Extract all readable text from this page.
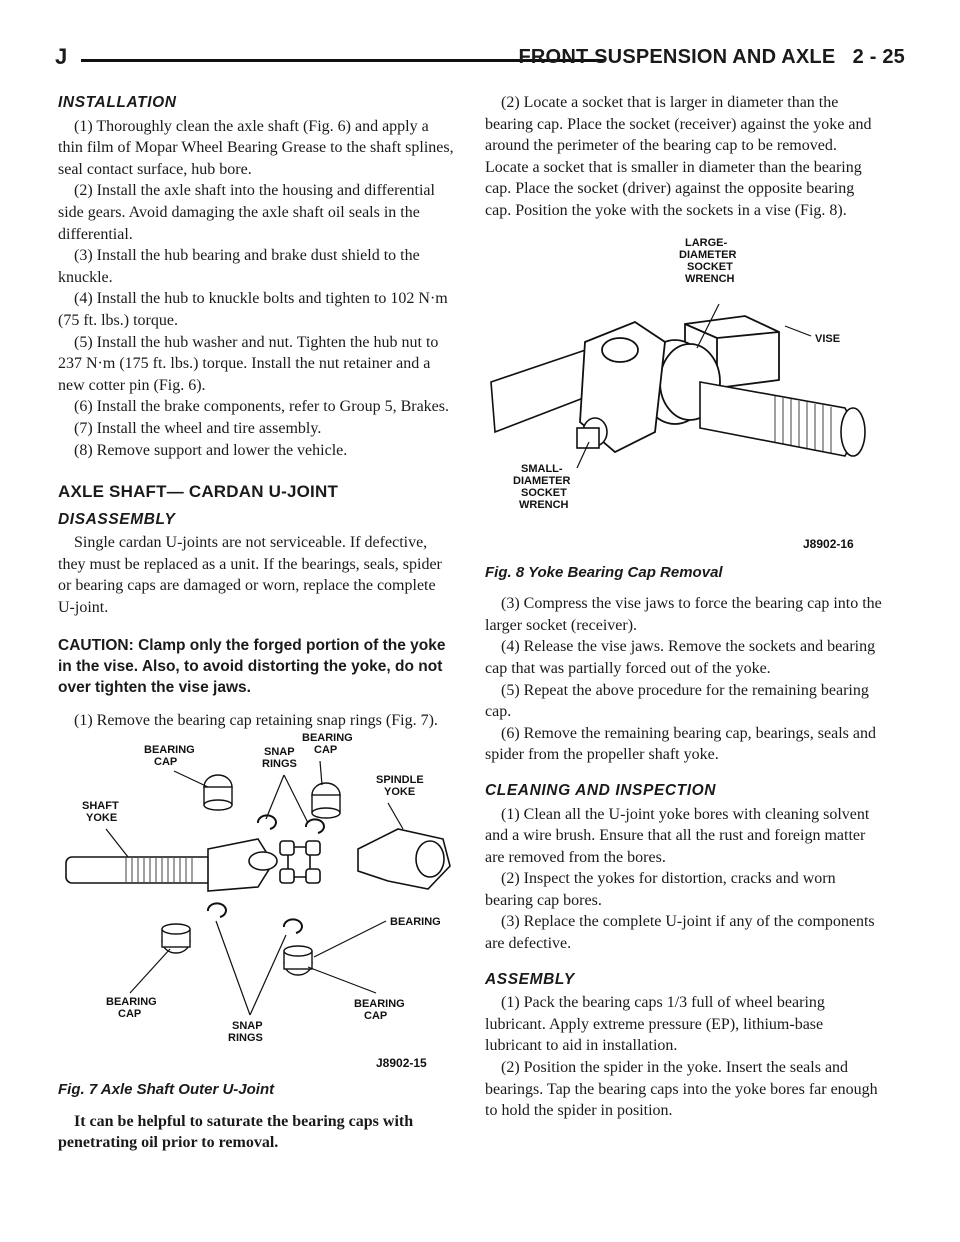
J	FRONT SUSPENSION AND AXLE 2 - 25
INSTALLATION

(1) Thoroughly clean the axle shaft (Fig. 6) and apply a thin film of Mopar Wheel Bearing Grease to the shaft splines, seal contact surface, hub bore.

(2) Install the axle shaft into the housing and differential side gears. Avoid damaging the axle shaft oil seals in the differential.

(3) Install the hub bearing and brake dust shield to the knuckle.

(4) Install the hub to knuckle bolts and tighten to 102 N·m (75 ft. lbs.) torque.

(5) Install the hub washer and nut. Tighten the hub nut to 237 N·m (175 ft. lbs.) torque. Install the nut retainer and a new cotter pin (Fig. 6).

(6) Install the brake components, refer to Group 5, Brakes.

(7) Install the wheel and tire assembly.

(8) Remove support and lower the vehicle.

AXLE SHAFT— CARDAN U-JOINT
DISASSEMBLY

Single cardan U-joints are not serviceable. If defective, they must be replaced as a unit. If the bearings, seals, spider or bearing caps are damaged or worn, replace the complete U-joint.

CAUTION: Clamp only the forged portion of the yoke in the vise. Also, to avoid distorting the yoke, do not over tighten the vise jaws.

(1) Remove the bearing cap retaining snap rings (Fig. 7).

BEARING CAP
SNAP RINGS
BEARING CAP
SPINDLE YOKE
SHAFT YOKE
BEARING
BEARING CAP
SNAP RINGS
BEARING CAP
J8902-15

Fig. 7 Axle Shaft Outer U-Joint

It can be helpful to saturate the bearing caps with penetrating oil prior to removal.

(2) Locate a socket that is larger in diameter than the bearing cap. Place the socket (receiver) against the yoke and around the perimeter of the bearing cap to be removed. Locate a socket that is smaller in diameter than the bearing cap. Place the socket (driver) against the opposite bearing cap. Position the yoke with the sockets in a vise (Fig. 8).

LARGE-DIAMETER SOCKET WRENCH
VISE
SMALL-DIAMETER SOCKET WRENCH
J8902-16

Fig. 8 Yoke Bearing Cap Removal

(3) Compress the vise jaws to force the bearing cap into the larger socket (receiver).

(4) Release the vise jaws. Remove the sockets and bearing cap that was partially forced out of the yoke.

(5) Repeat the above procedure for the remaining bearing cap.

(6) Remove the remaining bearing cap, bearings, seals and spider from the propeller shaft yoke.

CLEANING AND INSPECTION

(1) Clean all the U-joint yoke bores with cleaning solvent and a wire brush. Ensure that all the rust and foreign matter are removed from the bores.

(2) Inspect the yokes for distortion, cracks and worn bearing cap bores.

(3) Replace the complete U-joint if any of the components are defective.

ASSEMBLY

(1) Pack the bearing caps 1/3 full of wheel bearing lubricant. Apply extreme pressure (EP), lithium-base lubricant to aid in installation.

(2) Position the spider in the yoke. Insert the seals and bearings. Tap the bearing caps into the yoke bores far enough to hold the spider in position.
